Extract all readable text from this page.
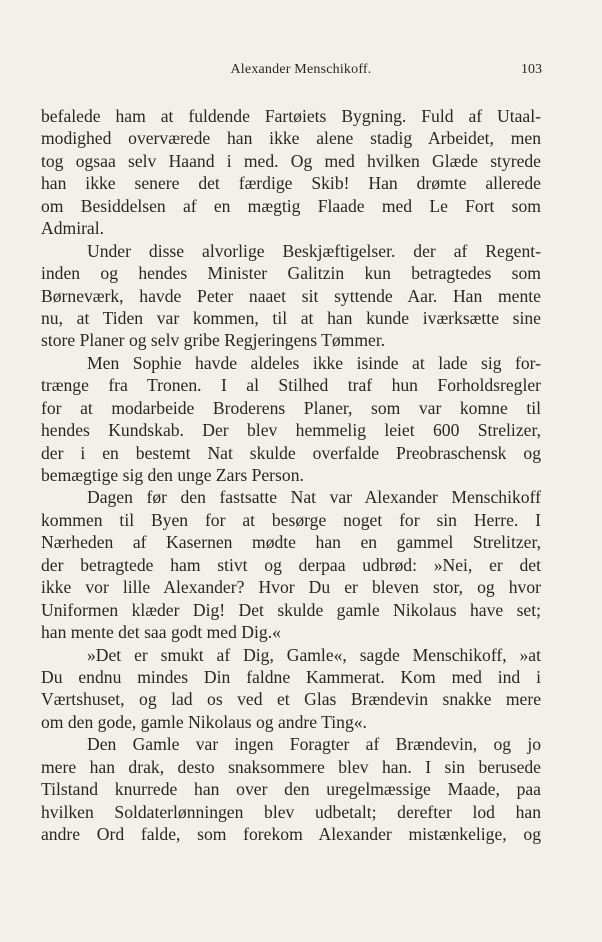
Alexander Menschikoff.	103
befalede ham at fuldende Fartøiets Bygning. Fuld af Utaal-
modighed overværede han ikke alene stadig Arbeidet, men
tog ogsaa selv Haand i med. Og med hvilken Glæde styrede
han ikke senere det færdige Skib! Han drømte allerede
om Besiddelsen af en mægtig Flaade med Le Fort som
Admiral.
Under disse alvorlige Beskjæftigelser. der af Regent-
inden og hendes Minister Galitzin kun betragtedes som
Børneværk, havde Peter naaet sit syttende Aar. Han mente
nu, at Tiden var kommen, til at han kunde iværksætte sine
store Planer og selv gribe Regjeringens Tømmer.
Men Sophie havde aldeles ikke isinde at lade sig for-
trænge fra Tronen. I al Stilhed traf hun Forholdsregler
for at modarbeide Broderens Planer, som var komne til
hendes Kundskab. Der blev hemmelig leiet 600 Strelizer,
der i en bestemt Nat skulde overfalde Preobraschensk og
bemægtige sig den unge Zars Person.
Dagen før den fastsatte Nat var Alexander Menschikoff
kommen til Byen for at besørge noget for sin Herre. I
Nærheden af Kasernen mødte han en gammel Strelitzer,
der betragtede ham stivt og derpaa udbrød: »Nei, er det
ikke vor lille Alexander? Hvor Du er bleven stor, og hvor
Uniformen klæder Dig! Det skulde gamle Nikolaus have set;
han mente det saa godt med Dig.«
»Det er smukt af Dig, Gamle«, sagde Menschikoff, »at
Du endnu mindes Din faldne Kammerat. Kom med ind i
Værtshuset, og lad os ved et Glas Brændevin snakke mere
om den gode, gamle Nikolaus og andre Ting«.
Den Gamle var ingen Foragter af Brændevin, og jo
mere han drak, desto snaksommere blev han. I sin berusede
Tilstand knurrede han over den uregelmæssige Maade, paa
hvilken Soldaterlønningen blev udbetalt; derefter lod han
andre Ord falde, som forekom Alexander mistænkelige, og
